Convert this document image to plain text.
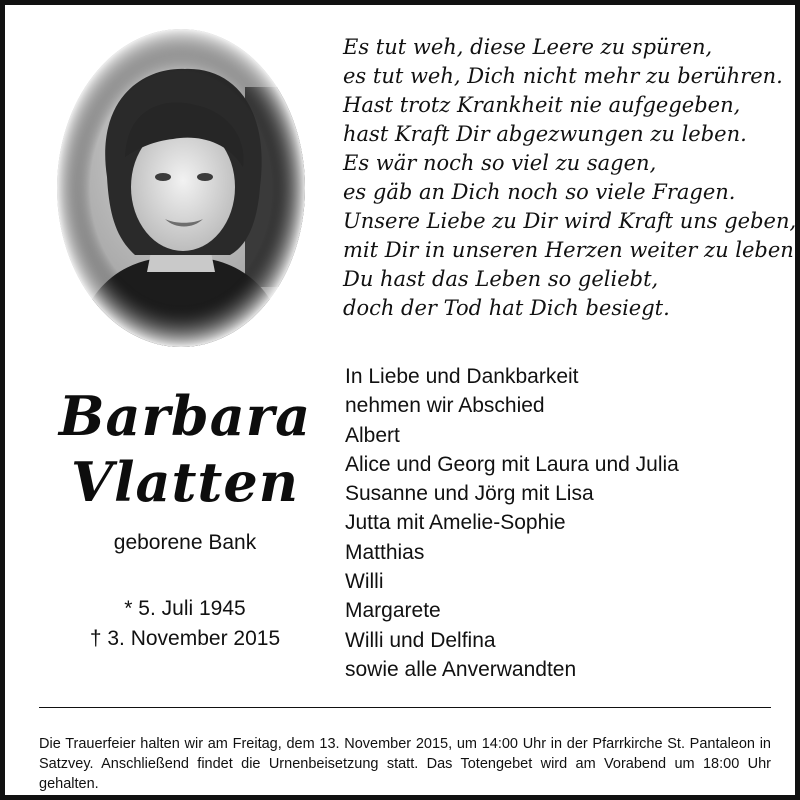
Es tut weh, diese Leere zu spüren,
es tut weh, Dich nicht mehr zu berühren.
Hast trotz Krankheit nie aufgegeben,
hast Kraft Dir abgezwungen zu leben.
Es wär noch so viel zu sagen,
es gäb an Dich noch so viele Fragen.
Unsere Liebe zu Dir wird Kraft uns geben,
mit Dir in unseren Herzen weiter zu leben.
Du hast das Leben so geliebt,
doch der Tod hat Dich besiegt.
Barbara
Vlatten
geborene Bank
* 5. Juli 1945
† 3. November 2015
In Liebe und Dankbarkeit
nehmen wir Abschied
Albert
Alice und Georg mit Laura und Julia
Susanne und Jörg mit Lisa
Jutta mit Amelie-Sophie
Matthias
Willi
Margarete
Willi und Delfina
sowie alle Anverwandten

Die Trauerfeier halten wir am Freitag, dem 13. November 2015, um 14:00 Uhr in der Pfarrkirche St. Pantaleon in Satzvey. Anschließend findet die Urnenbeisetzung statt. Das Totengebet wird am Vorabend um 18:00 Uhr gehalten.
